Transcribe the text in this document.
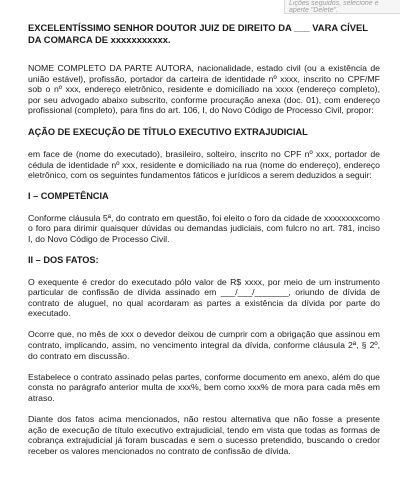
Lições seguidos, selecione e
aperte "Delete".
EXCELENTÍSSIMO SENHOR DOUTOR JUIZ DE DIREITO DA ___ VARA CÍVEL
DA COMARCA DE xxxxxxxxxxx.

NOME COMPLETO DA PARTE AUTORA, nacionalidade, estado civil (ou a existência de união estável), profissão, portador da carteira de identidade nº xxxx, inscrito no CPF/MF sob o nº xxx, endereço eletrônico, residente e domiciliado na xxxx (endereço completo), por seu advogado abaixo subscrito, conforme procuração anexa (doc. 01), com endereço profissional (completo), para fins do art. 106, I, do Novo Código de Processo Civil, propor:

AÇÃO DE EXECUÇÃO DE TÍTULO EXECUTIVO EXTRAJUDICIAL

em face de (nome do executado), brasileiro, solteiro, inscrito no CPF nº xxx, portador de cédula de identidade nº xxx, residente e domiciliado na rua (nome do endereço), endereço eletrônico, com os seguintes fundamentos fáticos e jurídicos a serem deduzidos a seguir:

I – COMPETÊNCIA

Conforme cláusula 5ª, do contrato em questão, foi eleito o foro da cidade de xxxxxxxxcomo o foro para dirimir quaisquer dúvidas ou demandas judiciais, com fulcro no art. 781, inciso I, do Novo Código de Processo Civil.

II – DOS FATOS:

O exequente é credor do executado pólo valor de R$ xxxx, por meio de um instrumento particular de confissão de dívida assinado em ___/___/_______, oriundo de dívida de contrato de aluguel, no qual acordaram as partes a existência da dívida por parte do executado.

Ocorre que, no mês de xxx o devedor deixou de cumprir com a obrigação que assinou em contrato, implicando, assim, no vencimento integral da dívida, conforme cláusula 2ª, § 2º, do contrato em discussão.

Estabelece o contrato assinado pelas partes, conforme documento em anexo, além do que consta no parágrafo anterior multa de xxx%, bem como xxx% de mora para cada mês em atraso.

Diante dos fatos acima mencionados, não restou alternativa que não fosse a presente ação de execução de título executivo extrajudicial, tendo em vista que todas as formas de cobrança extrajudicial já foram buscadas e sem o sucesso pretendido, buscando o credor receber os valores mencionados no contrato de confissão de dívida.
